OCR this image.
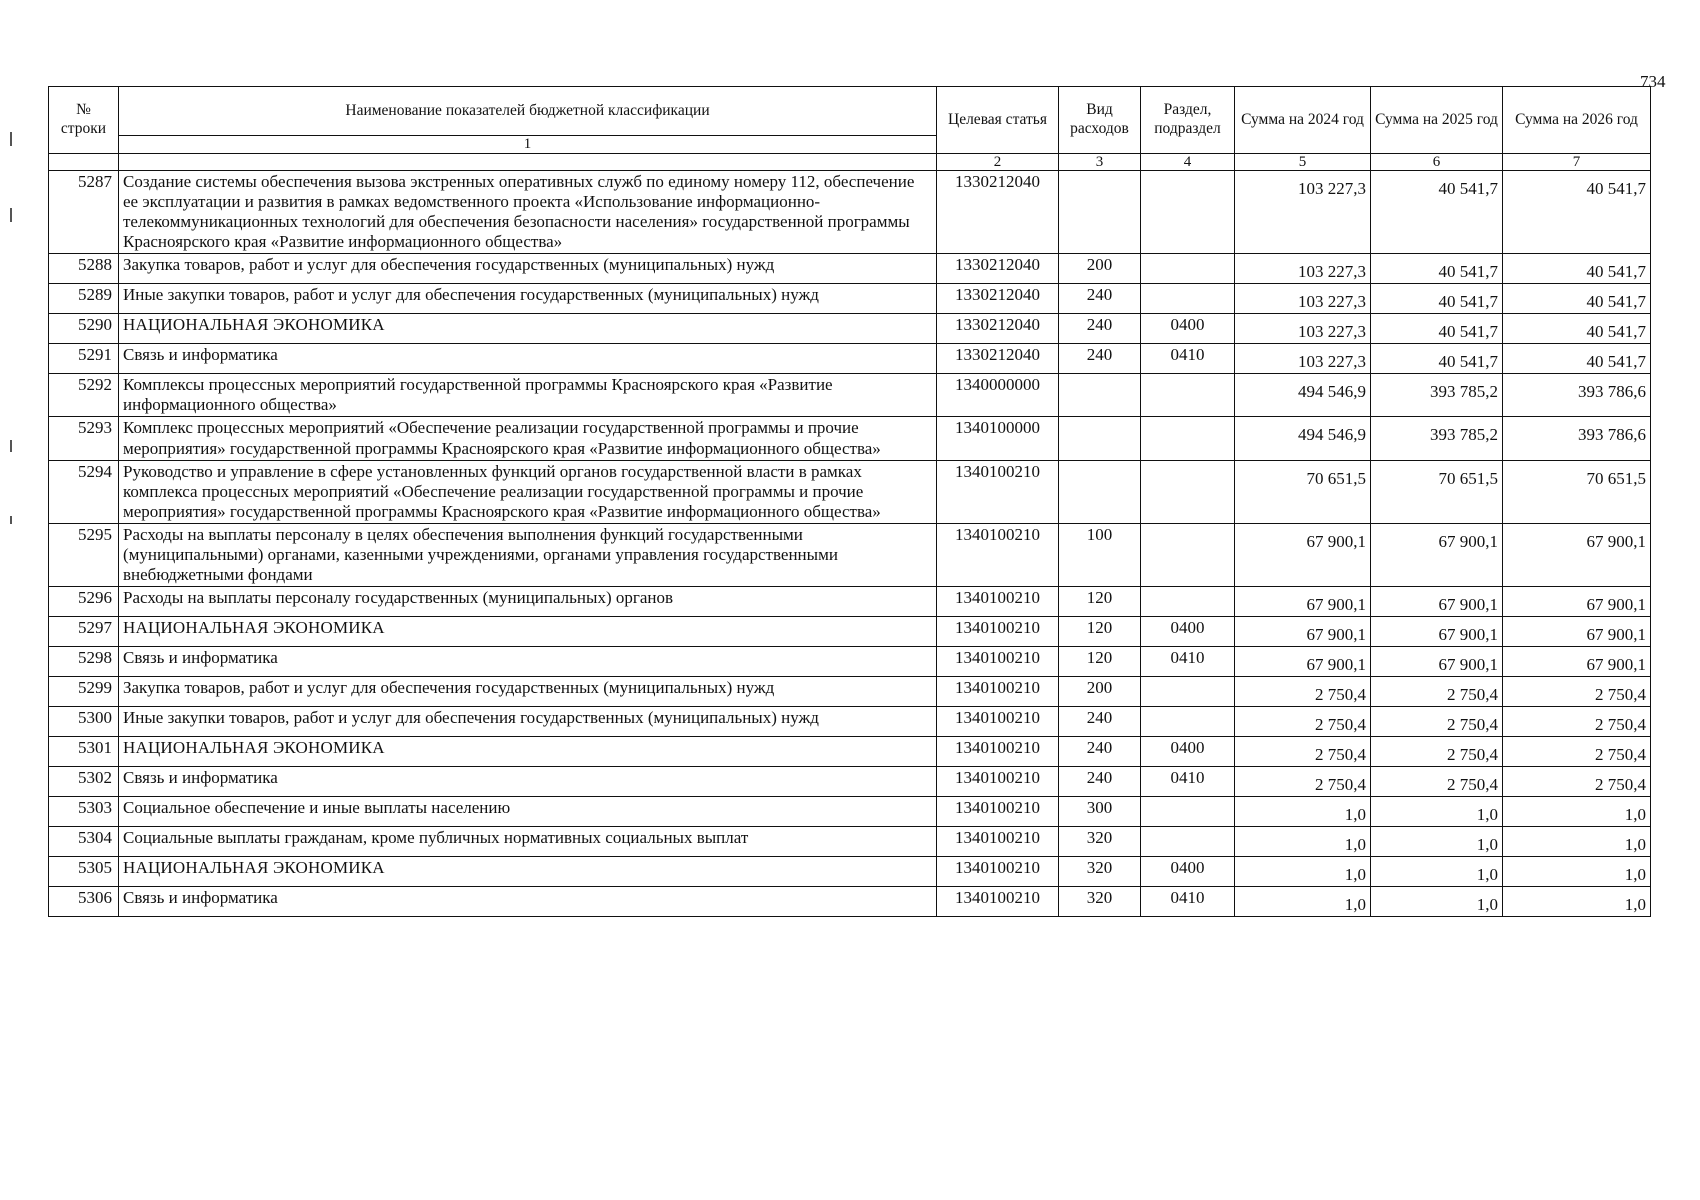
734
№ строки	Наименование показателей бюджетной классификации	Целевая статья	Вид расходов	Раздел, подраздел	Сумма на 2024 год	Сумма на 2025 год	Сумма на 2026 год
	1						
		2	3	4	5	6	7
5287	Создание системы обеспечения вызова экстренных оперативных служб по единому номеру 112, обеспечение ее эксплуатации и развития в рамках ведомственного проекта «Использование информационно-телекоммуникационных технологий для обеспечения безопасности населения» государственной программы Красноярского края «Развитие информационного общества»	1330212040			103 227,3	40 541,7	40 541,7
5288	Закупка товаров, работ и услуг для обеспечения государственных (муниципальных) нужд	1330212040	200		103 227,3	40 541,7	40 541,7
5289	Иные закупки товаров, работ и услуг для обеспечения государственных (муниципальных) нужд	1330212040	240		103 227,3	40 541,7	40 541,7
5290	НАЦИОНАЛЬНАЯ ЭКОНОМИКА	1330212040	240	0400	103 227,3	40 541,7	40 541,7
5291	Связь и информатика	1330212040	240	0410	103 227,3	40 541,7	40 541,7
5292	Комплексы процессных мероприятий государственной программы Красноярского края «Развитие информационного общества»	1340000000			494 546,9	393 785,2	393 786,6
5293	Комплекс процессных мероприятий «Обеспечение реализации государственной программы и прочие мероприятия» государственной программы Красноярского края «Развитие информационного общества»	1340100000			494 546,9	393 785,2	393 786,6
5294	Руководство и управление в сфере установленных функций органов государственной власти в рамках комплекса процессных мероприятий «Обеспечение реализации государственной программы и прочие мероприятия» государственной программы Красноярского края «Развитие информационного общества»	1340100210			70 651,5	70 651,5	70 651,5
5295	Расходы на выплаты персоналу в целях обеспечения выполнения функций государственными (муниципальными) органами, казенными учреждениями, органами управления государственными внебюджетными фондами	1340100210	100		67 900,1	67 900,1	67 900,1
5296	Расходы на выплаты персоналу государственных (муниципальных) органов	1340100210	120		67 900,1	67 900,1	67 900,1
5297	НАЦИОНАЛЬНАЯ ЭКОНОМИКА	1340100210	120	0400	67 900,1	67 900,1	67 900,1
5298	Связь и информатика	1340100210	120	0410	67 900,1	67 900,1	67 900,1
5299	Закупка товаров, работ и услуг для обеспечения государственных (муниципальных) нужд	1340100210	200		2 750,4	2 750,4	2 750,4
5300	Иные закупки товаров, работ и услуг для обеспечения государственных (муниципальных) нужд	1340100210	240		2 750,4	2 750,4	2 750,4
5301	НАЦИОНАЛЬНАЯ ЭКОНОМИКА	1340100210	240	0400	2 750,4	2 750,4	2 750,4
5302	Связь и информатика	1340100210	240	0410	2 750,4	2 750,4	2 750,4
5303	Социальное обеспечение и иные выплаты населению	1340100210	300		1,0	1,0	1,0
5304	Социальные выплаты гражданам, кроме публичных нормативных социальных выплат	1340100210	320		1,0	1,0	1,0
5305	НАЦИОНАЛЬНАЯ ЭКОНОМИКА	1340100210	320	0400	1,0	1,0	1,0
5306	Связь и информатика	1340100210	320	0410	1,0	1,0	1,0
